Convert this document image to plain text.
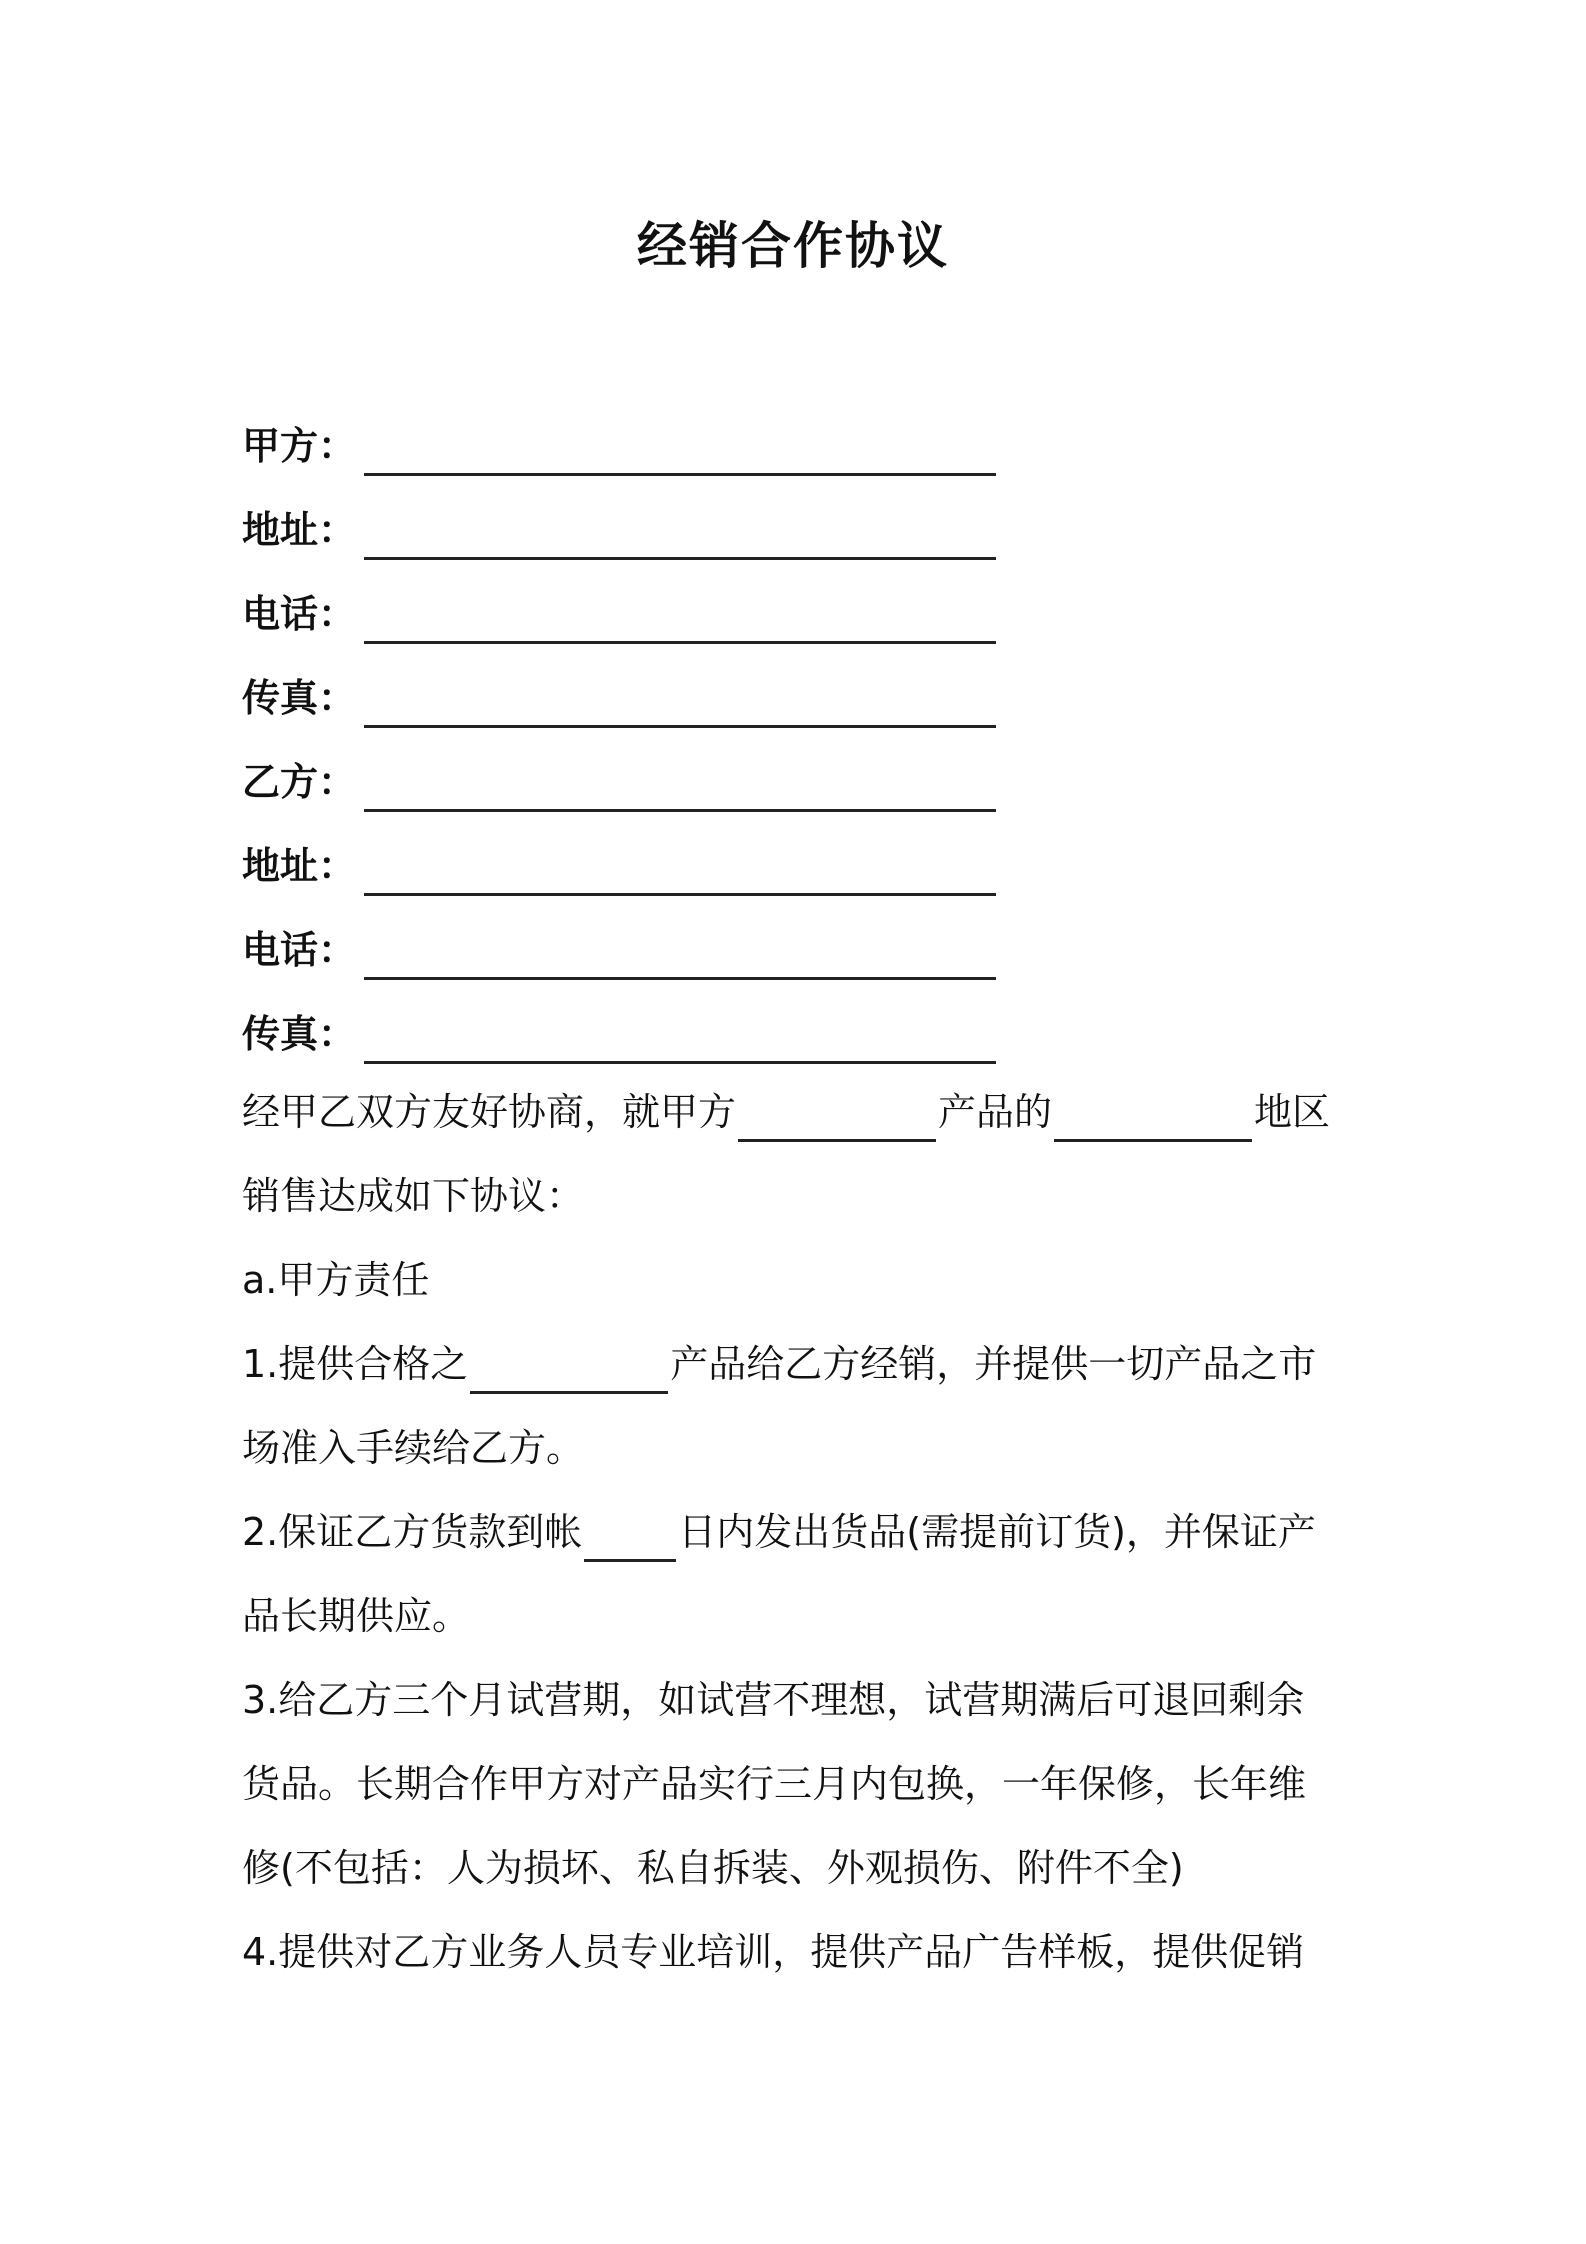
经销合作协议
甲方：
地址：
电话：
传真：
乙方：
地址：
电话：
传真：
经甲乙双方友好协商，就甲方	产品的	地区
销售达成如下协议：
a.甲方责任
1.提供合格之	产品给乙方经销，并提供一切产品之市
场准入手续给乙方。
2.保证乙方货款到帐	日内发出货品(需提前订货)，并保证产
品长期供应。
3.给乙方三个月试营期，如试营不理想，试营期满后可退回剩余
货品。长期合作甲方对产品实行三月内包换，一年保修，长年维
修(不包括：人为损坏、私自拆装、外观损伤、附件不全)
4.提供对乙方业务人员专业培训，提供产品广告样板，提供促销
